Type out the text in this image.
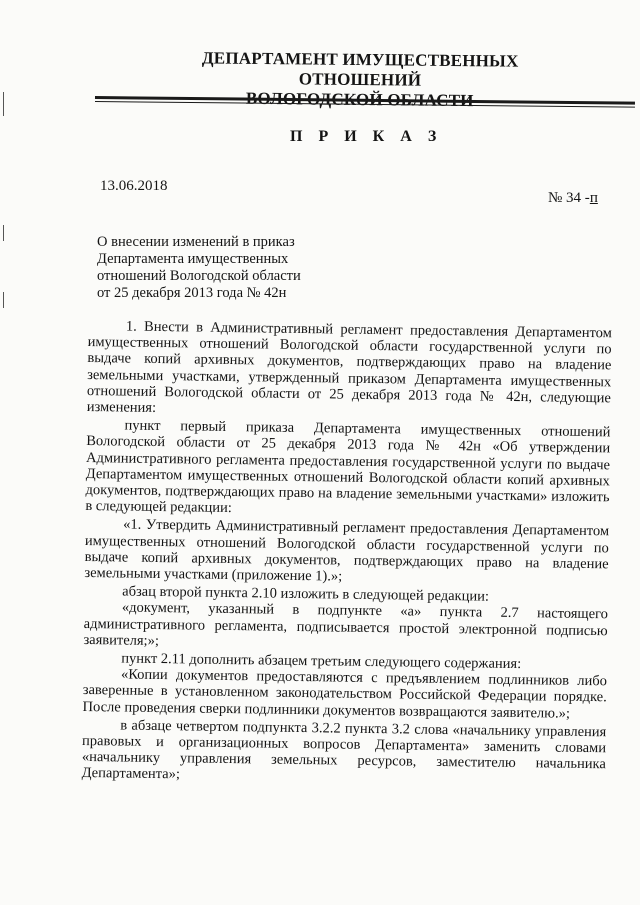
ДЕПАРТАМЕНТ ИМУЩЕСТВЕННЫХ ОТНОШЕНИЙ
П Р И К А З
13.06.2018
№ 34 -п
О внесении изменений в приказ
Департамента имущественных
отношений Вологодской области
от 25 декабря 2013 года № 42н

1. Внести в Административный регламент предоставления Департаментом имущественных отношений Вологодской области государственной услуги по выдаче копий архивных документов, подтверждающих право на владение земельными участками, утвержденный приказом Департамента имущественных отношений Вологодской области от 25 декабря 2013 года № 42н, следующие изменения:

пункт первый приказа Департамента имущественных отношений Вологодской области от 25 декабря 2013 года № 42н «Об утверждении Административного регламента предоставления государственной услуги по выдаче Департаментом имущественных отношений Вологодской области копий архивных документов, подтверждающих право на владение земельными участками» изложить в следующей редакции:

«1. Утвердить Административный регламент предоставления Департаментом имущественных отношений Вологодской области государственной услуги по выдаче копий архивных документов, подтверждающих право на владение земельными участками (приложение 1).»;

абзац второй пункта 2.10 изложить в следующей редакции:

«документ, указанный в подпункте «а» пункта 2.7 настоящего административного регламента, подписывается простой электронной подписью заявителя;»;

пункт 2.11 дополнить абзацем третьим следующего содержания:

«Копии документов предоставляются с предъявлением подлинников либо заверенные в установленном законодательством Российской Федерации порядке. После проведения сверки подлинники документов возвращаются заявителю.»;

в абзаце четвертом подпункта 3.2.2 пункта 3.2 слова «начальнику управления правовых и организационных вопросов Департамента» заменить словами «начальнику управления земельных ресурсов, заместителю начальника Департамента»;
